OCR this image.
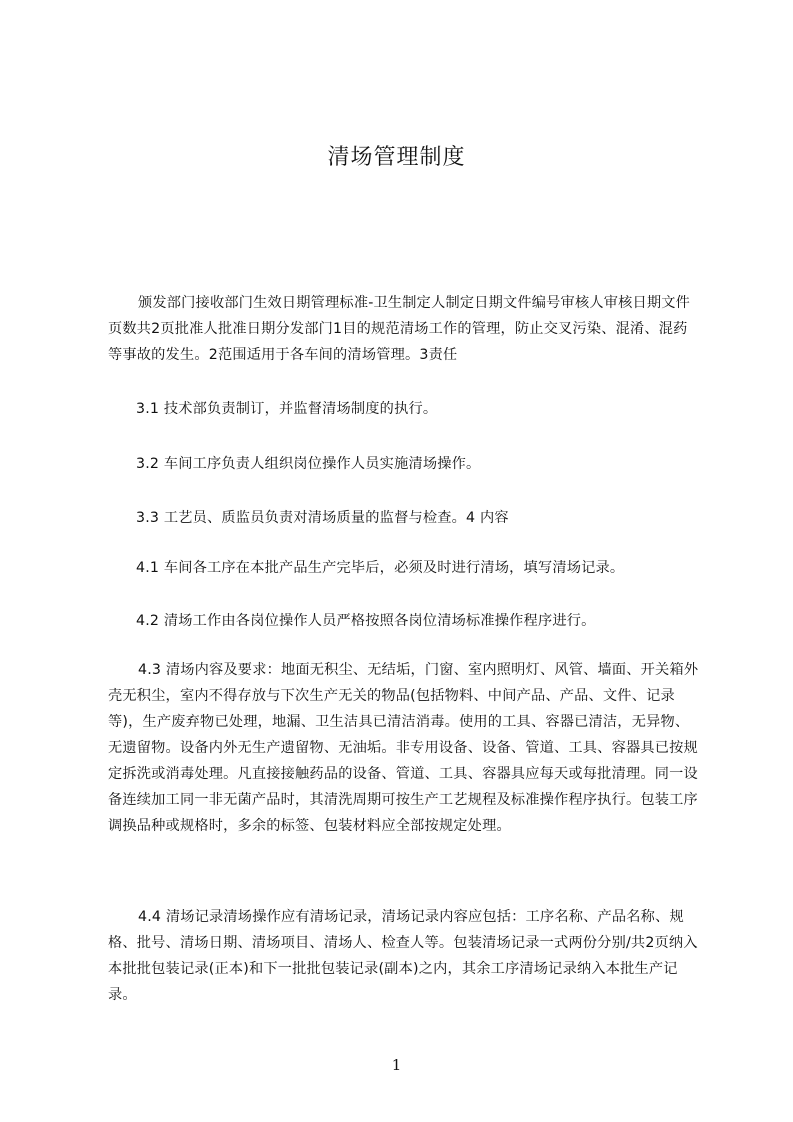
清场管理制度

颁发部门接收部门生效日期管理标准-卫生制定人制定日期文件编号审核人审核日期文件页数共2页批准人批准日期分发部门1目的规范清场工作的管理，防止交叉污染、混淆、混药等事故的发生。2范围适用于各车间的清场管理。3责任

3.1 技术部负责制订，并监督清场制度的执行。

3.2 车间工序负责人组织岗位操作人员实施清场操作。

3.3 工艺员、质监员负责对清场质量的监督与检查。4 内容

4.1 车间各工序在本批产品生产完毕后，必须及时进行清场，填写清场记录。

4.2 清场工作由各岗位操作人员严格按照各岗位清场标准操作程序进行。

4.3 清场内容及要求：地面无积尘、无结垢，门窗、室内照明灯、风管、墙面、开关箱外壳无积尘，室内不得存放与下次生产无关的物品(包括物料、中间产品、产品、文件、记录等)，生产废弃物已处理，地漏、卫生洁具已清洁消毒。使用的工具、容器已清洁，无异物、无遗留物。设备内外无生产遗留物、无油垢。非专用设备、设备、管道、工具、容器具已按规定拆洗或消毒处理。凡直接接触药品的设备、管道、工具、容器具应每天或每批清理。同一设备连续加工同一非无菌产品时，其清洗周期可按生产工艺规程及标准操作程序执行。包装工序调换品种或规格时，多余的标签、包装材料应全部按规定处理。

4.4 清场记录清场操作应有清场记录，清场记录内容应包括：工序名称、产品名称、规格、批号、清场日期、清场项目、清场人、检查人等。包装清场记录一式两份分别/共2页纳入本批批包装记录(正本)和下一批批包装记录(副本)之内，其余工序清场记录纳入本批生产记录。

1
